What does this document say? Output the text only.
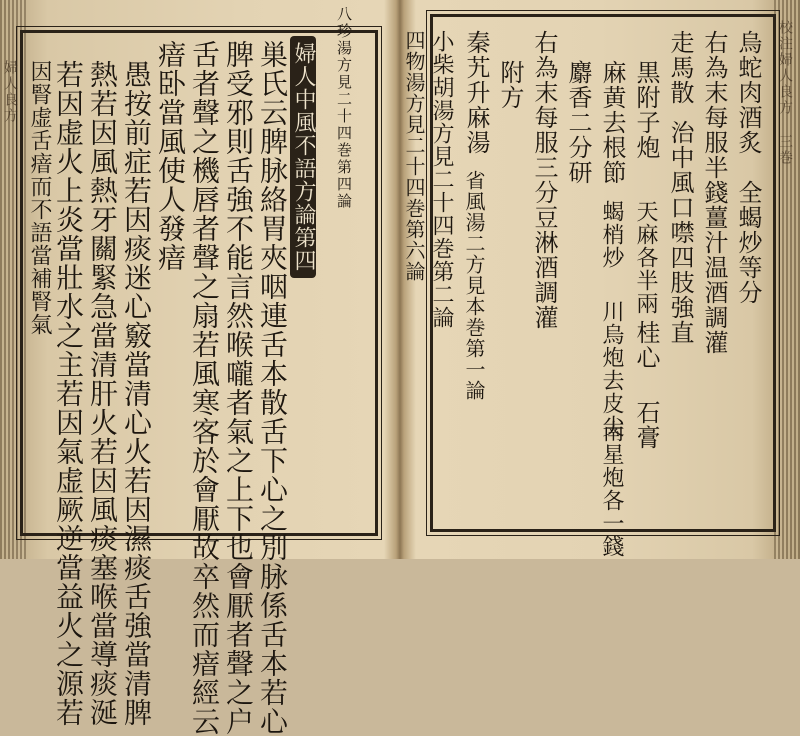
八珍湯方見二十四巻第四論
婦人中風不語方論第四
巣氏云脾脉絡胃夾咽連舌本散舌下心之別脉係舌本若心
脾受邪則舌強不能言然喉嚨者氣之上下也會厭者聲之户
舌者聲之機唇者聲之扇若風寒客於會厭故卒然而瘖經云
瘖卧當風使人發瘖
愚按前症若因痰迷心竅當清心火若因濕痰舌強當清脾
熱若因風熱牙關緊急當清肝火若因風痰塞喉當導痰涎
若因虚火上炎當壯水之主若因氣虚厥逆當益火之源若
因腎虚舌瘖而不語當補腎氣	烏蛇肉酒炙
全蝎炒等分
右為末每服半錢薑汁温酒調灌
走馬散
治中風口噤四肢強直
黒附子炮
天麻各半兩
桂心
石膏
麻黄去根節
蝎梢炒
川烏炮去皮尖
南星炮各一錢
麝香二分研
右為末每服三分豆淋酒調灌
附方
秦艽升麻湯
省風湯二方見本巻第一論
小柴胡湯方見二十四巻第二論
四物湯方見二十四巻第六論
婦人良方	校注婦人良方 三巻
